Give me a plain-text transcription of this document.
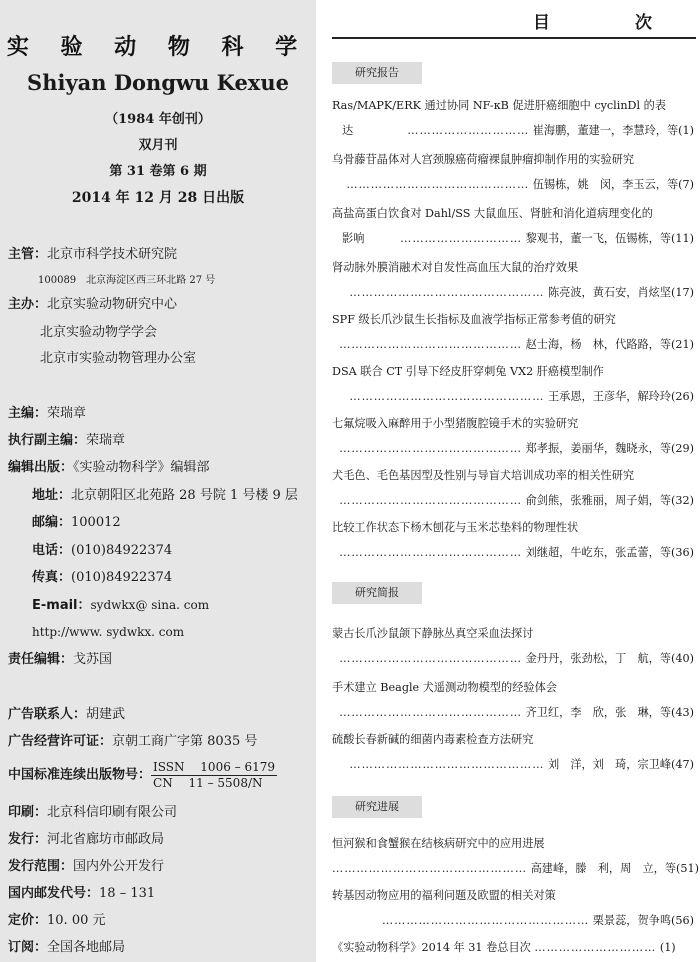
实 验 动 物 科 学
Shiyan Dongwu Kexue
（1984 年创刊）
双月刊
第 31 卷第 6 期
2014 年 12 月 28 日出版
主管：北京市科学技术研究院
100089　北京海淀区西三环北路 27 号
主办：北京实验动物研究中心
北京实验动物学学会
北京市实验动物管理办公室
主编：荣瑞章
执行副主编：荣瑞章
编辑出版：《实验动物科学》编辑部
地址：北京朝阳区北苑路 28 号院 1 号楼 9 层
邮编：100012
电话：(010)84922374
传真：(010)84922374
E-mail：sydwkx@ sina. com
http://www. sydwkx. com
责任编辑：戈苏国
广告联系人：胡建武
广告经营许可证：京朝工商广字第 8035 号
中国标准连续出版物号：
ISSN　 1006 – 6179
CN　 11 – 5508/N
印刷：北京科信印刷有限公司
发行：河北省廊坊市邮政局
发行范围：国内外公开发行
国内邮发代号：18 – 131
定价：10. 00 元
订阅：全国各地邮局
目　次
研究报告
Ras/MAPK/ERK 通过协同 NF-κB 促进肝癌细胞中 cyclinDl 的表
达	………………………… 崔海鹏，董建一，李慧玲，等(1)
乌骨藤苷晶体对人宫颈腺癌荷瘤裸鼠肿瘤抑制作用的实验研究
……………………………………… 伍锡栋，姚　闵，李玉云，等(7)
高盐高蛋白饮食对 Dahl/SS 大鼠血压、肾脏和消化道病理变化的
影响	………………………… 黎观书，董一飞，伍锡栋，等(11)
肾动脉外膜消融术对自发性高血压大鼠的治疗效果
………………………………………… 陈亮波，黄石安，肖炫坚(17)
SPF 级长爪沙鼠生长指标及血液学指标正常参考值的研究
……………………………………… 赵士海，杨　林，代路路，等(21)
DSA 联合 CT 引导下经皮肝穿刺兔 VX2 肝癌模型制作
………………………………………… 王承恩，王彦华，解玲玲(26)
七氟烷吸入麻醉用于小型猪腹腔镜手术的实验研究
……………………………………… 郑孝振，姜丽华，魏晓永，等(29)
犬毛色、毛色基因型及性别与导盲犬培训成功率的相关性研究
……………………………………… 俞剑熊，张雅丽，周子娟，等(32)
比较工作状态下杨木刨花与玉米芯垫料的物理性状
……………………………………… 刘继超，牛屹东，张孟蕾，等(36)
研究简报
蒙古长爪沙鼠颌下静脉丛真空采血法探讨
……………………………………… 金丹丹，张劲松，丁　航，等(40)
手术建立 Beagle 犬遥测动物模型的经验体会
……………………………………… 齐卫红，李　欣，张　琳，等(43)
硫酸长春新碱的细菌内毒素检查方法研究
………………………………………… 刘　洋，刘　琦，宗卫峰(47)
研究进展
恒河猴和食蟹猴在结核病研究中的应用进展
………………………………………… 高建峰，滕　利，周　立，等(51)
转基因动物应用的福利问题及欧盟的相关对策
…………………………………………… 栗景蕊，贺争鸣(56)
《实验动物科学》2014 年 31 卷总目次 ………………………… (1)
